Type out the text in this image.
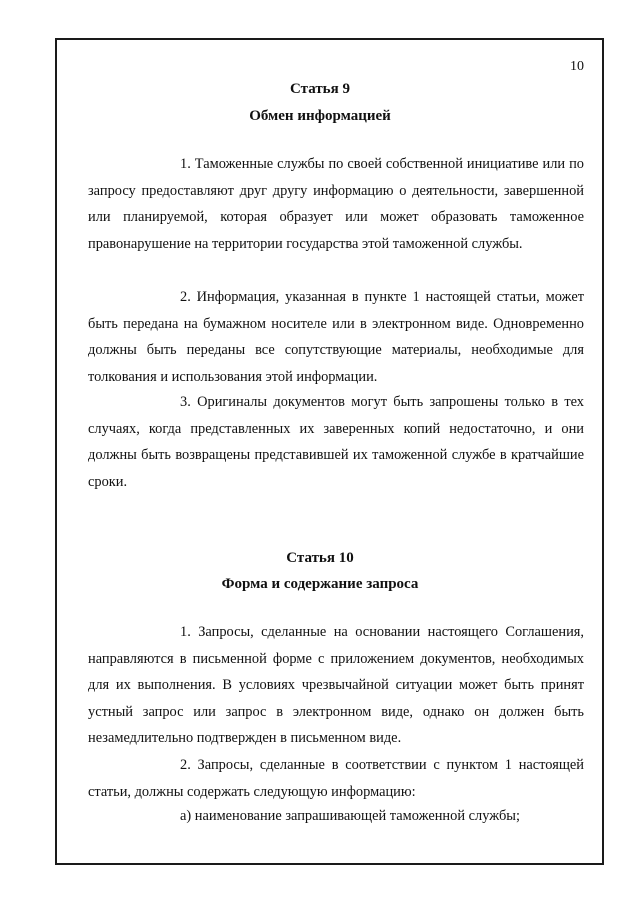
10
Статья 9
Обмен информацией

1. Таможенные службы по своей собственной инициативе или по запросу предоставляют друг другу информацию о деятельности, завершенной или планируемой, которая образует или может образовать таможенное правонарушение на территории государства этой таможенной службы.

2. Информация, указанная в пункте 1 настоящей статьи, может быть передана на бумажном носителе или в электронном виде. Одновременно должны быть переданы все сопутствующие материалы, необходимые для толкования и использования этой информации.

3. Оригиналы документов могут быть запрошены только в тех случаях, когда представленных их заверенных копий недостаточно, и они должны быть возвращены представившей их таможенной службе в кратчайшие сроки.

Статья 10
Форма и содержание запроса

1. Запросы, сделанные на основании настоящего Соглашения, направляются в письменной форме с приложением документов, необходимых для их выполнения. В условиях чрезвычайной ситуации может быть принят устный запрос или запрос в электронном виде, однако он должен быть незамедлительно подтвержден в письменном виде.

2. Запросы, сделанные в соответствии с пунктом 1 настоящей статьи, должны содержать следующую информацию:

а) наименование запрашивающей таможенной службы;
